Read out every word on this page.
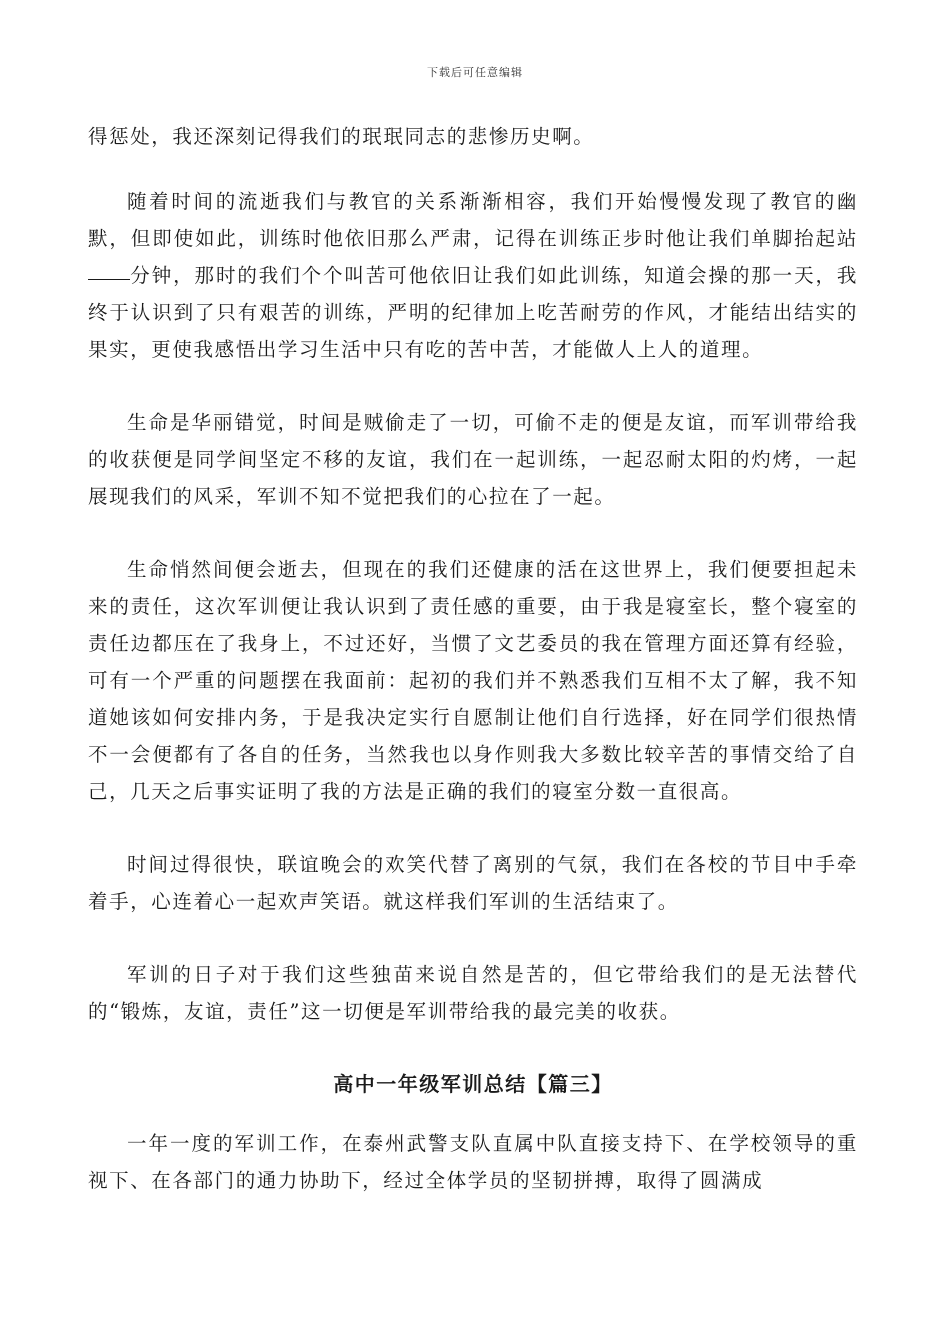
下载后可任意编辑

得惩处，我还深刻记得我们的珉珉同志的悲惨历史啊。

随着时间的流逝我们与教官的关系渐渐相容，我们开始慢慢发现了教官的幽默，但即使如此，训练时他依旧那么严肃，记得在训练正步时他让我们单脚抬起站分钟，那时的我们个个叫苦可他依旧让我们如此训练，知道会操的那一天，我终于认识到了只有艰苦的训练，严明的纪律加上吃苦耐劳的作风，才能结出结实的果实，更使我感悟出学习生活中只有吃的苦中苦，才能做人上人的道理。

生命是华丽错觉，时间是贼偷走了一切，可偷不走的便是友谊，而军训带给我的收获便是同学间坚定不移的友谊，我们在一起训练，一起忍耐太阳的灼烤，一起展现我们的风采，军训不知不觉把我们的心拉在了一起。

生命悄然间便会逝去，但现在的我们还健康的活在这世界上，我们便要担起未来的责任，这次军训便让我认识到了责任感的重要，由于我是寝室长，整个寝室的责任边都压在了我身上，不过还好，当惯了文艺委员的我在管理方面还算有经验，可有一个严重的问题摆在我面前：起初的我们并不熟悉我们互相不太了解，我不知道她该如何安排内务，于是我决定实行自愿制让他们自行选择，好在同学们很热情不一会便都有了各自的任务，当然我也以身作则我大多数比较辛苦的事情交给了自己，几天之后事实证明了我的方法是正确的我们的寝室分数一直很高。

时间过得很快，联谊晚会的欢笑代替了离别的气氛，我们在各校的节目中手牵着手，心连着心一起欢声笑语。就这样我们军训的生活结束了。

军训的日子对于我们这些独苗来说自然是苦的，但它带给我们的是无法替代的“锻炼，友谊，责任”这一切便是军训带给我的最完美的收获。

高中一年级军训总结【篇三】

一年一度的军训工作，在泰州武警支队直属中队直接支持下、在学校领导的重视下、在各部门的通力协助下，经过全体学员的坚韧拼搏，取得了圆满成
